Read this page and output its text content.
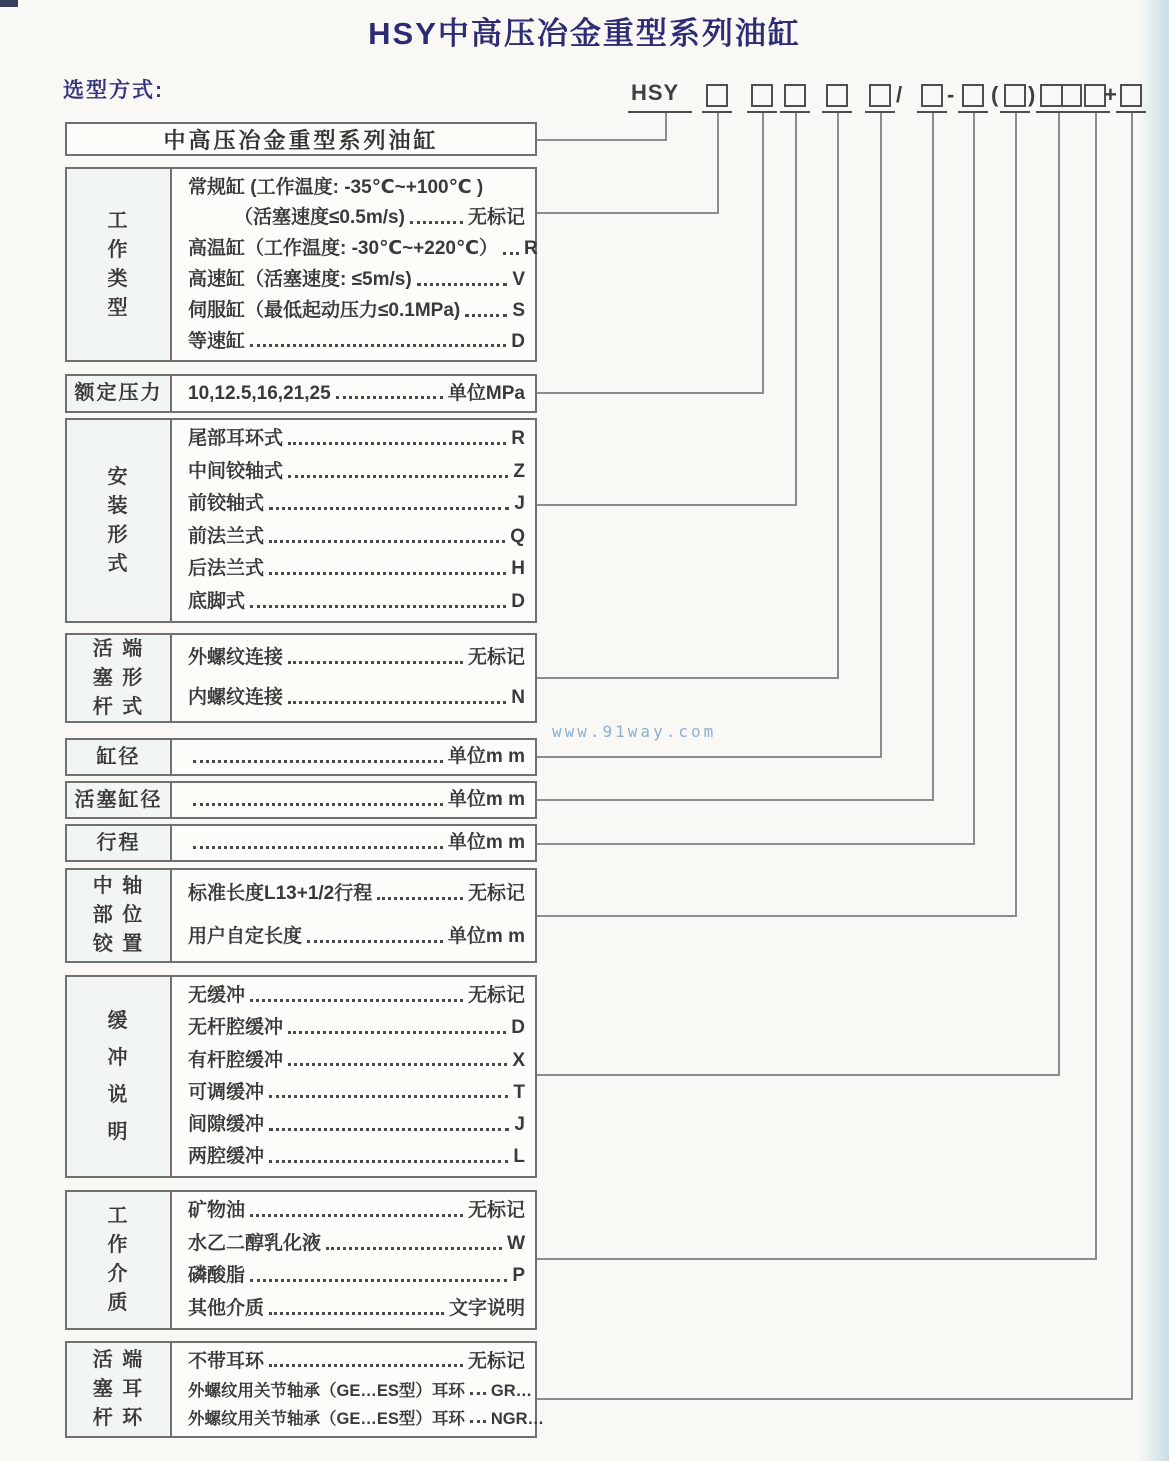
HSY中高压冶金重型系列油缸
选型方式:
www.91way.com
HSY	/ - ( )	+
中高压冶金重型系列油缸
工
作
类
型
常规缸 (工作温度: -35℃~+100℃ )
（活塞速度≤0.5m/s)	无标记
高温缸（工作温度: -30℃~+220℃） R
高速缸（活塞速度: ≤5m/s)	V
伺服缸（最低起动压力≤0.1MPa)	S
等速缸	D
额定压力 10,12.5,16,21,25	单位MPa
安
装
形
式
尾部耳环式	R
中间铰轴式	Z
前铰轴式	J
前法兰式	Q
后法兰式	H
底脚式	D
活 端
塞 形
杆 式
外螺纹连接	无标记
内螺纹连接	N
缸径	单位m m
活塞缸径	单位m m
行程	单位m m
中 轴
部 位
铰 置
标准长度L13+1/2行程	无标记
用户自定长度	单位m m
缓
冲
说
明
无缓冲	无标记
无杆腔缓冲	D
有杆腔缓冲	X
可调缓冲	T
间隙缓冲	J
两腔缓冲	L
工
作
介
质
矿物油	无标记
水乙二醇乳化液	W
磷酸脂	P
其他介质	文字说明
活 端
塞 耳
杆 环
不带耳环	无标记
外螺纹用关节轴承（GE…ES型）耳环 GR…
外螺纹用关节轴承（GE…ES型）耳环 NGR…
